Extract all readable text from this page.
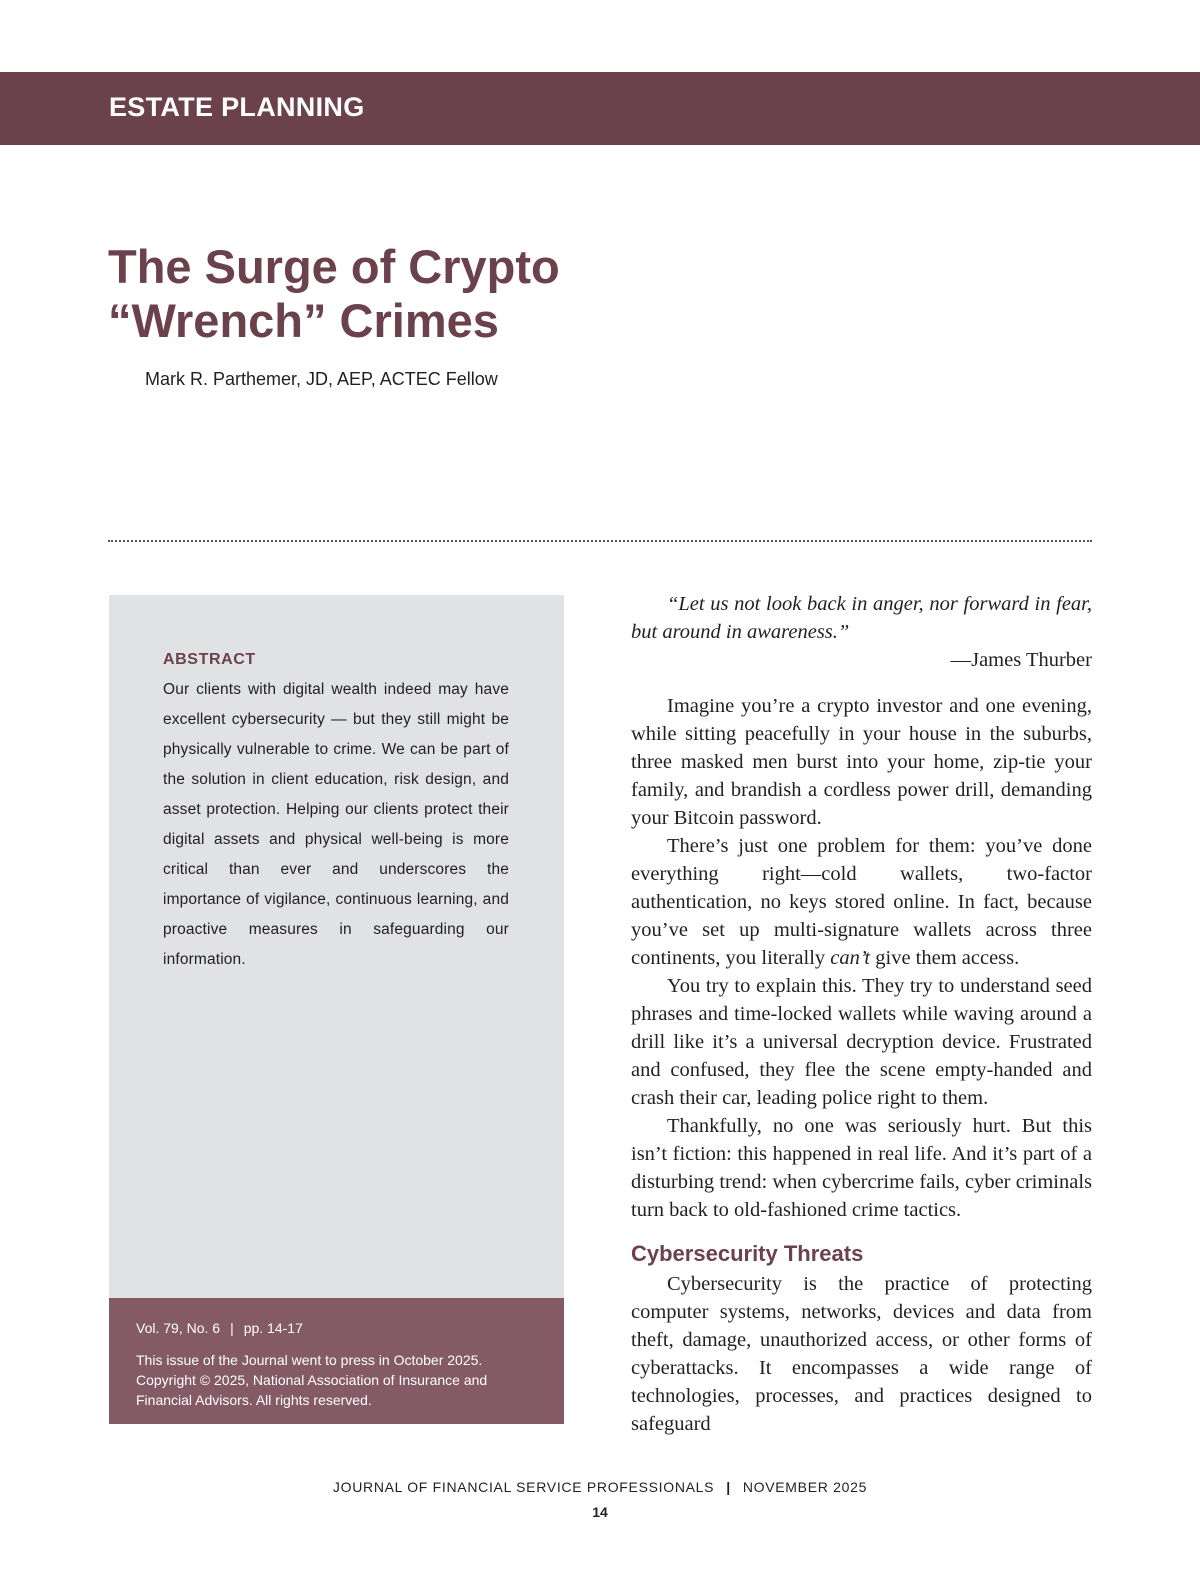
ESTATE PLANNING
The Surge of Crypto
“Wrench” Crimes
Mark R. Parthemer, JD, AEP, ACTEC Fellow
ABSTRACT
Our clients with digital wealth indeed may have excellent cybersecurity — but they still might be physically vulnerable to crime. We can be part of the solution in client education, risk design, and asset protection. Helping our clients protect their digital assets and physical well-being is more critical than ever and underscores the importance of vigilance, continuous learning, and proactive measures in safeguarding our information.
Vol. 79, No. 6 | pp. 14-17
This issue of the Journal went to press in October 2025.
Copyright © 2025, National Association of Insurance and Financial Advisors. All rights reserved.

“Let us not look back in anger, nor forward in fear, but around in awareness.”

—James Thurber

Imagine you’re a crypto investor and one evening, while sitting peacefully in your house in the suburbs, three masked men burst into your home, zip-tie your family, and brandish a cordless power drill, demanding your Bitcoin password.

There’s just one problem for them: you’ve done everything right—cold wallets, two-factor authentication, no keys stored online. In fact, because you’ve set up multi-signature wallets across three continents, you literally can’t give them access.

You try to explain this. They try to understand seed phrases and time-locked wallets while waving around a drill like it’s a universal decryption device. Frustrated and confused, they flee the scene empty-handed and crash their car, leading police right to them.

Thankfully, no one was seriously hurt. But this isn’t fiction: this happened in real life. And it’s part of a disturbing trend: when cybercrime fails, cyber criminals turn back to old-fashioned crime tactics.

Cybersecurity Threats

Cybersecurity is the practice of protecting computer systems, networks, devices and data from theft, damage, unauthorized access, or other forms of cyberattacks. It encompasses a wide range of technologies, processes, and practices designed to safeguard

JOURNAL OF FINANCIAL SERVICE PROFESSIONALS | NOVEMBER 2025
14
